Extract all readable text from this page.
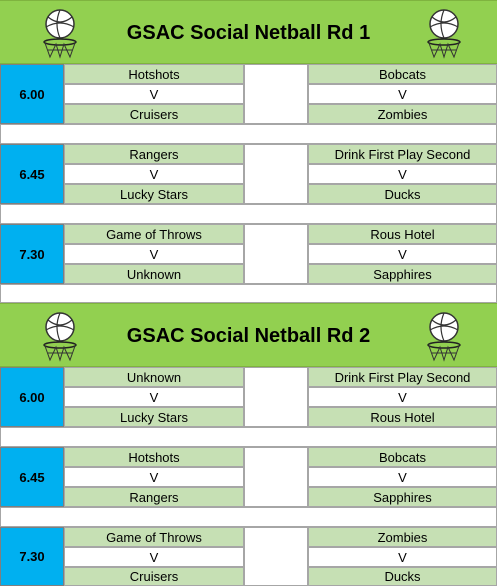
GSAC Social Netball Rd 1
6.00
Hotshots
V
Cruisers
Bobcats
V
Zombies
6.45
Rangers
V
Lucky Stars
Drink First Play Second
V
Ducks
7.30
Game of Throws
V
Unknown
Rous Hotel
V
Sapphires
GSAC Social Netball Rd 2
6.00
Unknown
V
Lucky Stars
Drink First Play Second
V
Rous Hotel
6.45
Hotshots
V
Rangers
Bobcats
V
Sapphires
7.30
Game of Throws
V
Cruisers
Zombies
V
Ducks
